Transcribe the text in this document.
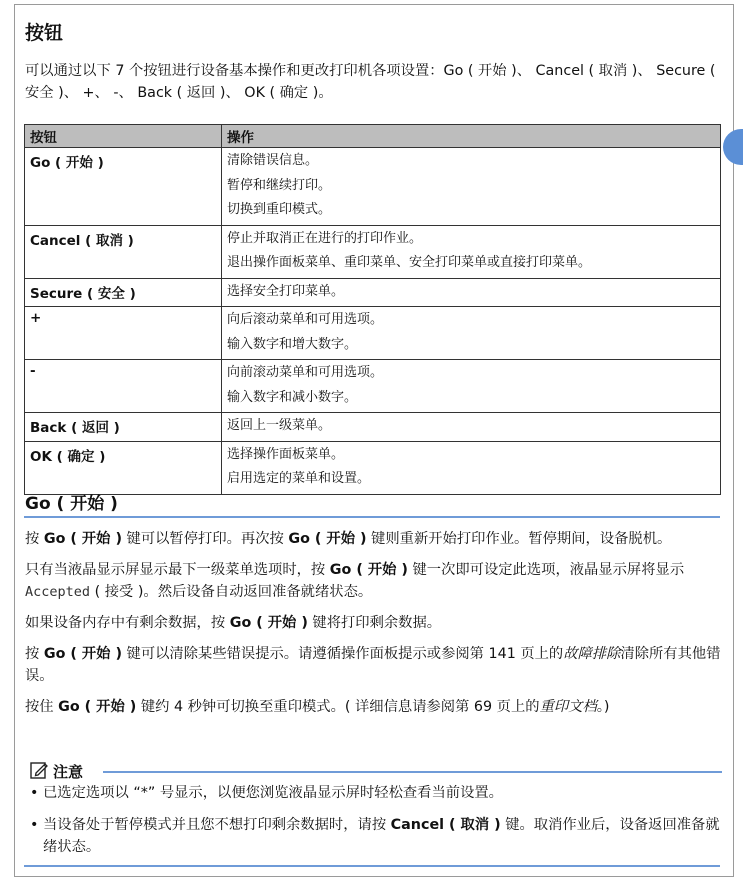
按钮

可以通过以下 7 个按钮进行设备基本操作和更改打印机各项设置：Go ( 开始 )、 Cancel ( 取消 )、 Secure ( 安全 )、 +、 -、 Back ( 返回 )、 OK ( 确定 )。

按钮	操作
Go ( 开始 )	清除错误信息。
暂停和继续打印。
切换到重印模式。

Cancel ( 取消 )	停止并取消正在进行的打印作业。
退出操作面板菜单、重印菜单、安全打印菜单或直接打印菜单。

Secure ( 安全 )	选择安全打印菜单。

+	向后滚动菜单和可用选项。
输入数字和增大数字。

-	向前滚动菜单和可用选项。
输入数字和减小数字。

Back ( 返回 )	返回上一级菜单。

OK ( 确定 )	选择操作面板菜单。
启用选定的菜单和设置。
Go ( 开始 )

按 Go ( 开始 ) 键可以暂停打印。再次按 Go ( 开始 ) 键则重新开始打印作业。暂停期间，设备脱机。

只有当液晶显示屏显示最下一级菜单选项时，按 Go ( 开始 ) 键一次即可设定此选项，液晶显示屏将显示 Accepted ( 接受 )。然后设备自动返回准备就绪状态。

如果设备内存中有剩余数据，按 Go ( 开始 ) 键将打印剩余数据。

按 Go ( 开始 ) 键可以清除某些错误提示。请遵循操作面板提示或参阅第 141 页上的故障排除清除所有其他错误。

按住 Go ( 开始 ) 键约 4 秒钟可切换至重印模式。( 详细信息请参阅第 69 页上的重印文档。)

注意
• 已选定选项以 “*” 号显示，以便您浏览液晶显示屏时轻松查看当前设置。
• 当设备处于暂停模式并且您不想打印剩余数据时，请按 Cancel ( 取消 ) 键。取消作业后，设备返回准备就绪状态。
